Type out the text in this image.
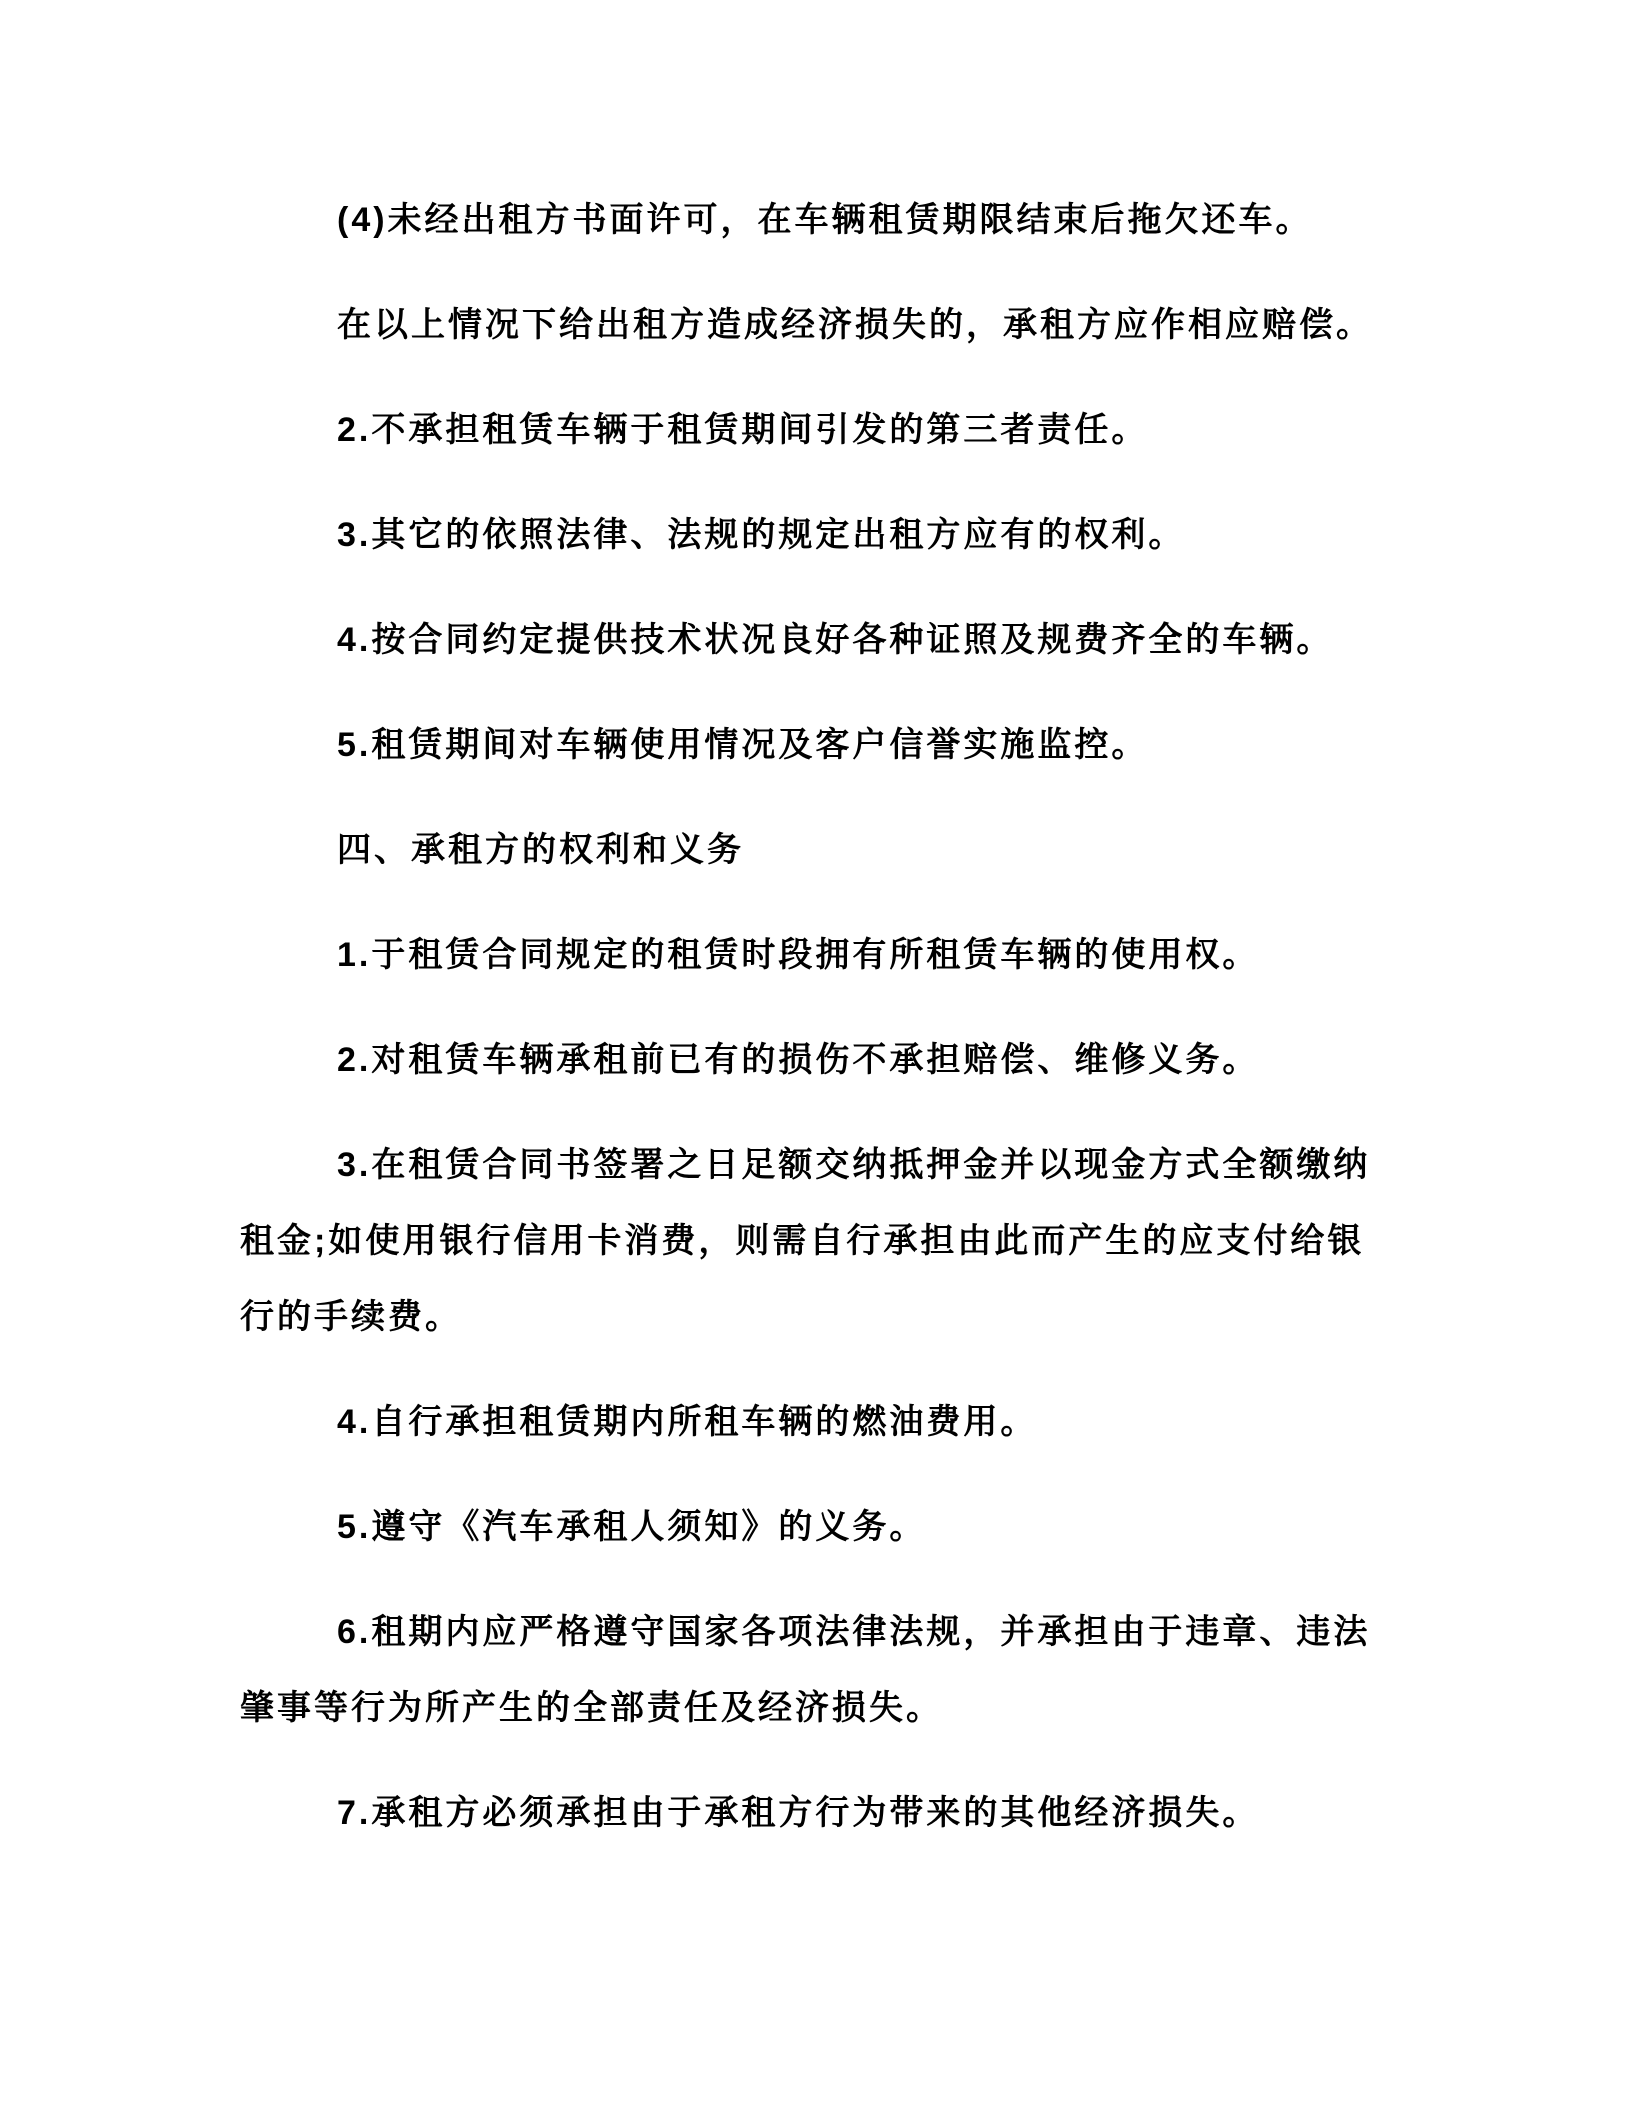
(4)未经出租方书面许可，在车辆租赁期限结束后拖欠还车。

在以上情况下给出租方造成经济损失的，承租方应作相应赔偿。

2.不承担租赁车辆于租赁期间引发的第三者责任。

3.其它的依照法律、法规的规定出租方应有的权利。

4.按合同约定提供技术状况良好各种证照及规费齐全的车辆。

5.租赁期间对车辆使用情况及客户信誉实施监控。

四、承租方的权利和义务

1.于租赁合同规定的租赁时段拥有所租赁车辆的使用权。

2.对租赁车辆承租前已有的损伤不承担赔偿、维修义务。

3.在租赁合同书签署之日足额交纳抵押金并以现金方式全额缴纳租金;如使用银行信用卡消费，则需自行承担由此而产生的应支付给银行的手续费。

4.自行承担租赁期内所租车辆的燃油费用。

5.遵守《汽车承租人须知》的义务。

6.租期内应严格遵守国家各项法律法规，并承担由于违章、违法肇事等行为所产生的全部责任及经济损失。

7.承租方必须承担由于承租方行为带来的其他经济损失。
